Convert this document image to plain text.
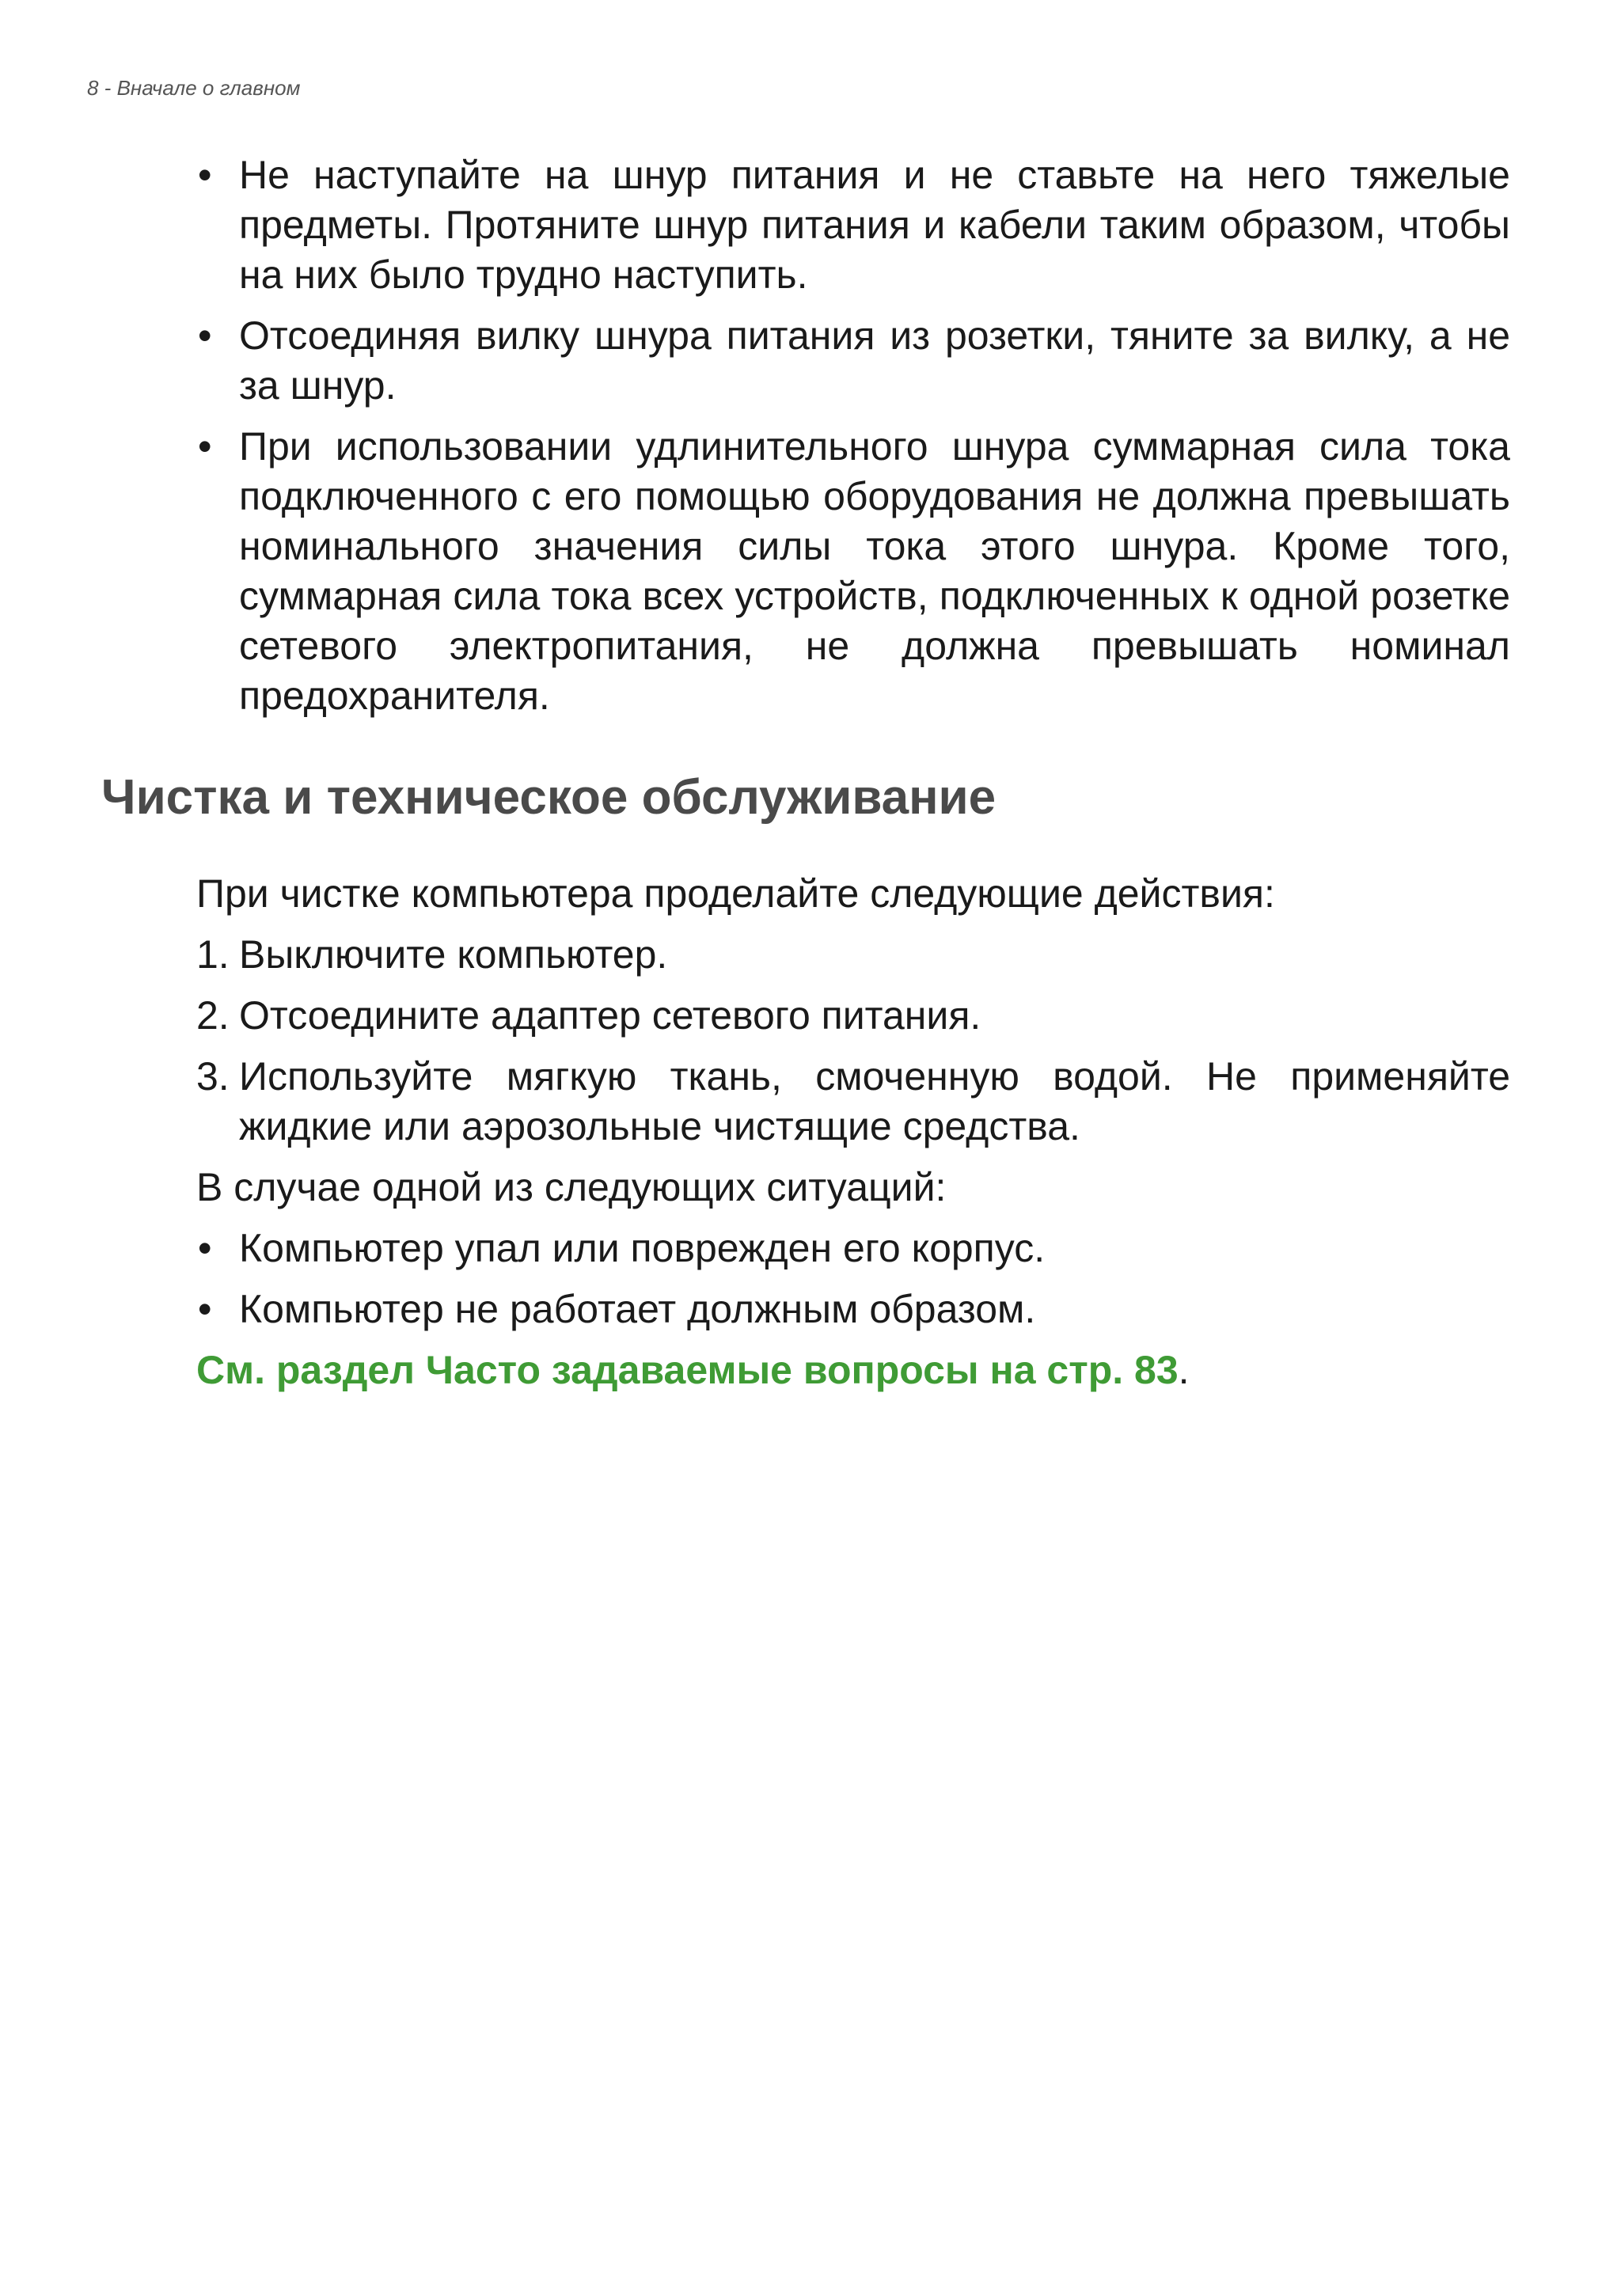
8 - Вначале о главном
• Не наступайте на шнур питания и не ставьте на него тяжелые предметы. Протяните шнур питания и кабели таким образом, чтобы на них было трудно наступить.
• Отсоединяя вилку шнура питания из розетки, тяните за вилку, а не за шнур.
• При использовании удлинительного шнура суммарная сила тока подключенного с его помощью оборудования не должна превышать номинального значения силы тока этого шнура. Кроме того, суммарная сила тока всех устройств, подключенных к одной розетке сетевого электропитания, не должна превышать номинал предохранителя.
Чистка и техническое обслуживание

При чистке компьютера проделайте следующие действия:

1. Выключите компьютер.
2. Отсоедините адаптер сетевого питания.
3. Используйте мягкую ткань, смоченную водой. Не применяйте жидкие или аэрозольные чистящие средства.

В случае одной из следующих ситуаций:

• Компьютер упал или поврежден его корпус.
• Компьютер не работает должным образом.

См. раздел Часто задаваемые вопросы на стр. 83.
